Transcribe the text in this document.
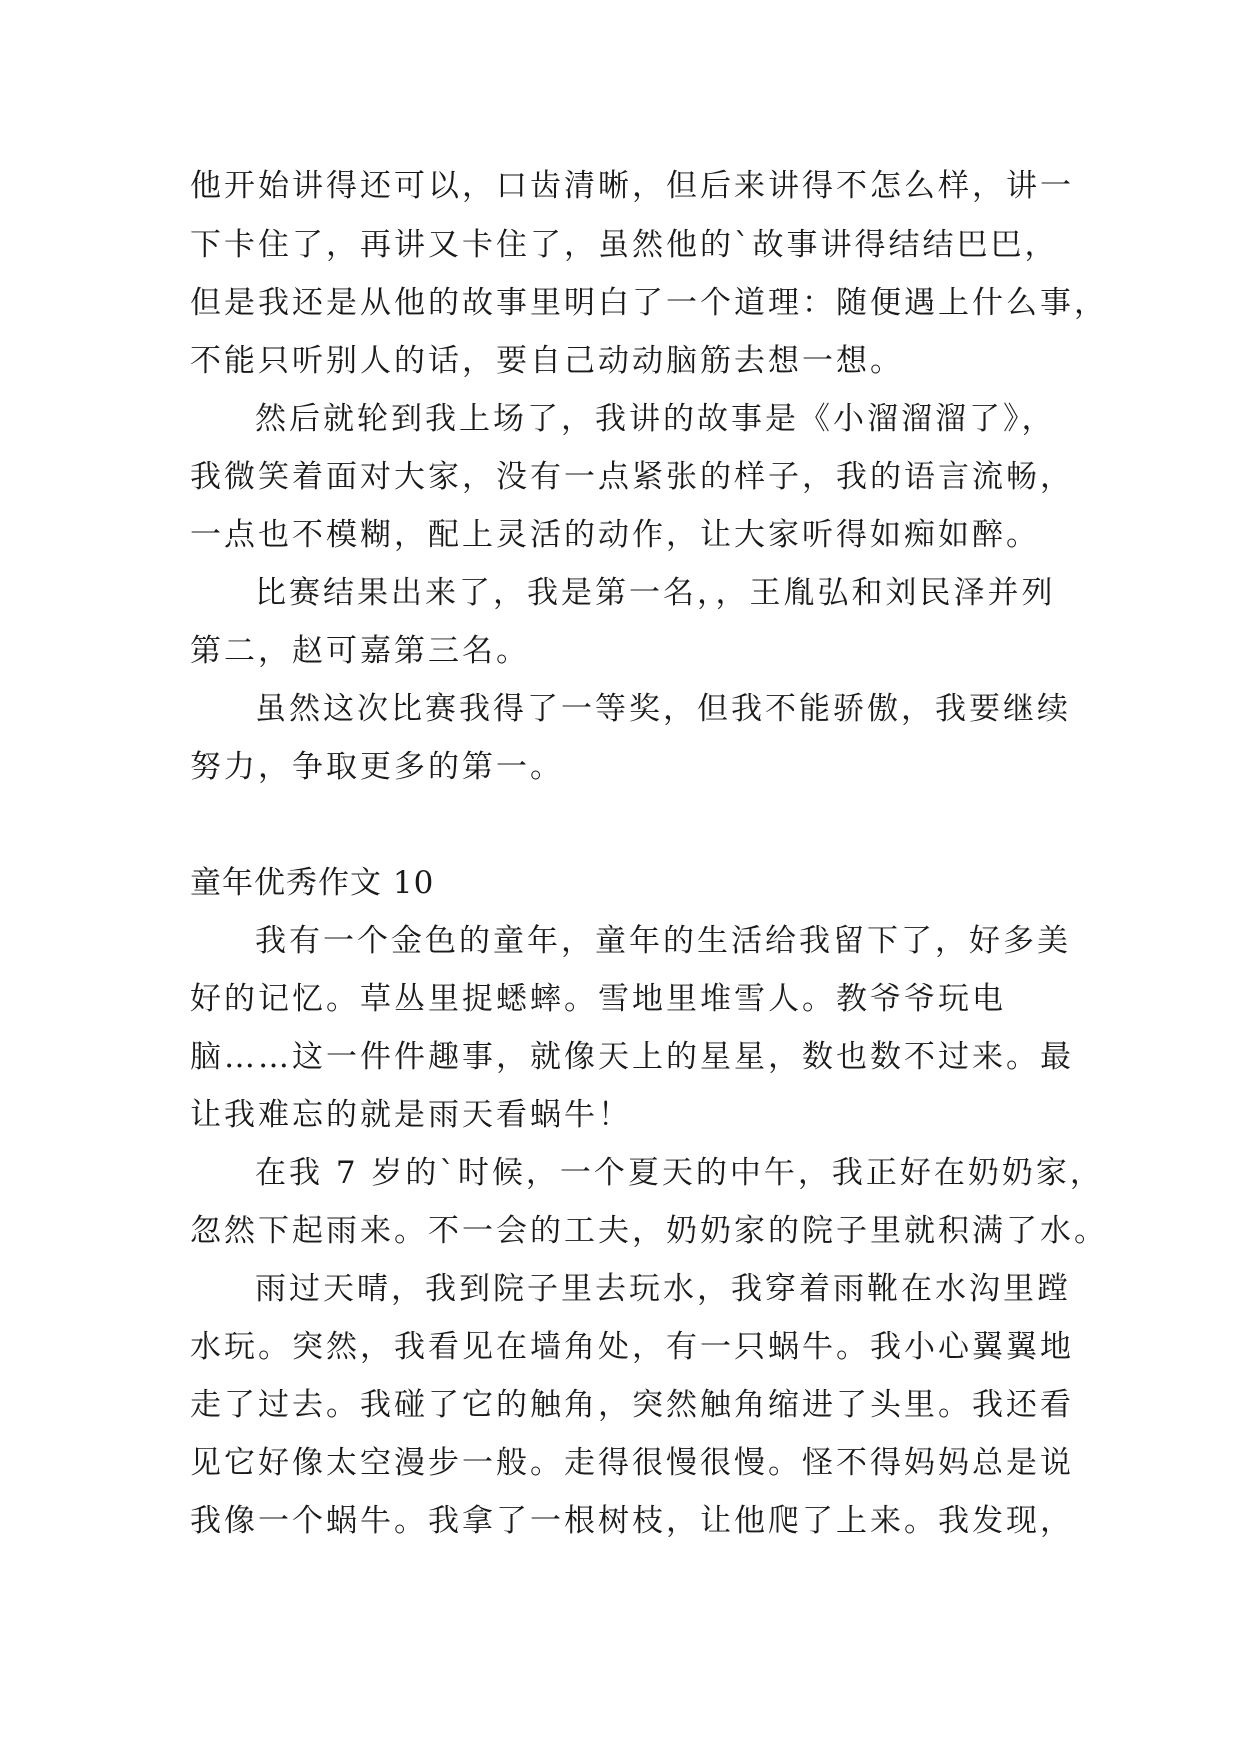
他开始讲得还可以，口齿清晰，但后来讲得不怎么样，讲一
下卡住了，再讲又卡住了，虽然他的`故事讲得结结巴巴，
但是我还是从他的故事里明白了一个道理：随便遇上什么事，
不能只听别人的话，要自己动动脑筋去想一想。
然后就轮到我上场了，我讲的故事是《小溜溜溜了》，
我微笑着面对大家，没有一点紧张的样子，我的语言流畅，
一点也不模糊，配上灵活的动作，让大家听得如痴如醉。
比赛结果出来了，我是第一名，，王胤弘和刘民泽并列
第二，赵可嘉第三名。
虽然这次比赛我得了一等奖，但我不能骄傲，我要继续
努力，争取更多的第一。
童年优秀作文 10
我有一个金色的童年，童年的生活给我留下了，好多美
好的记忆。草丛里捉蟋蟀。雪地里堆雪人。教爷爷玩电
脑……这一件件趣事，就像天上的星星，数也数不过来。最
让我难忘的就是雨天看蜗牛！
在我 7 岁的`时候，一个夏天的中午，我正好在奶奶家，
忽然下起雨来。不一会的工夫，奶奶家的院子里就积满了水。
雨过天晴，我到院子里去玩水，我穿着雨靴在水沟里蹚
水玩。突然，我看见在墙角处，有一只蜗牛。我小心翼翼地
走了过去。我碰了它的触角，突然触角缩进了头里。我还看
见它好像太空漫步一般。走得很慢很慢。怪不得妈妈总是说
我像一个蜗牛。我拿了一根树枝，让他爬了上来。我发现，
